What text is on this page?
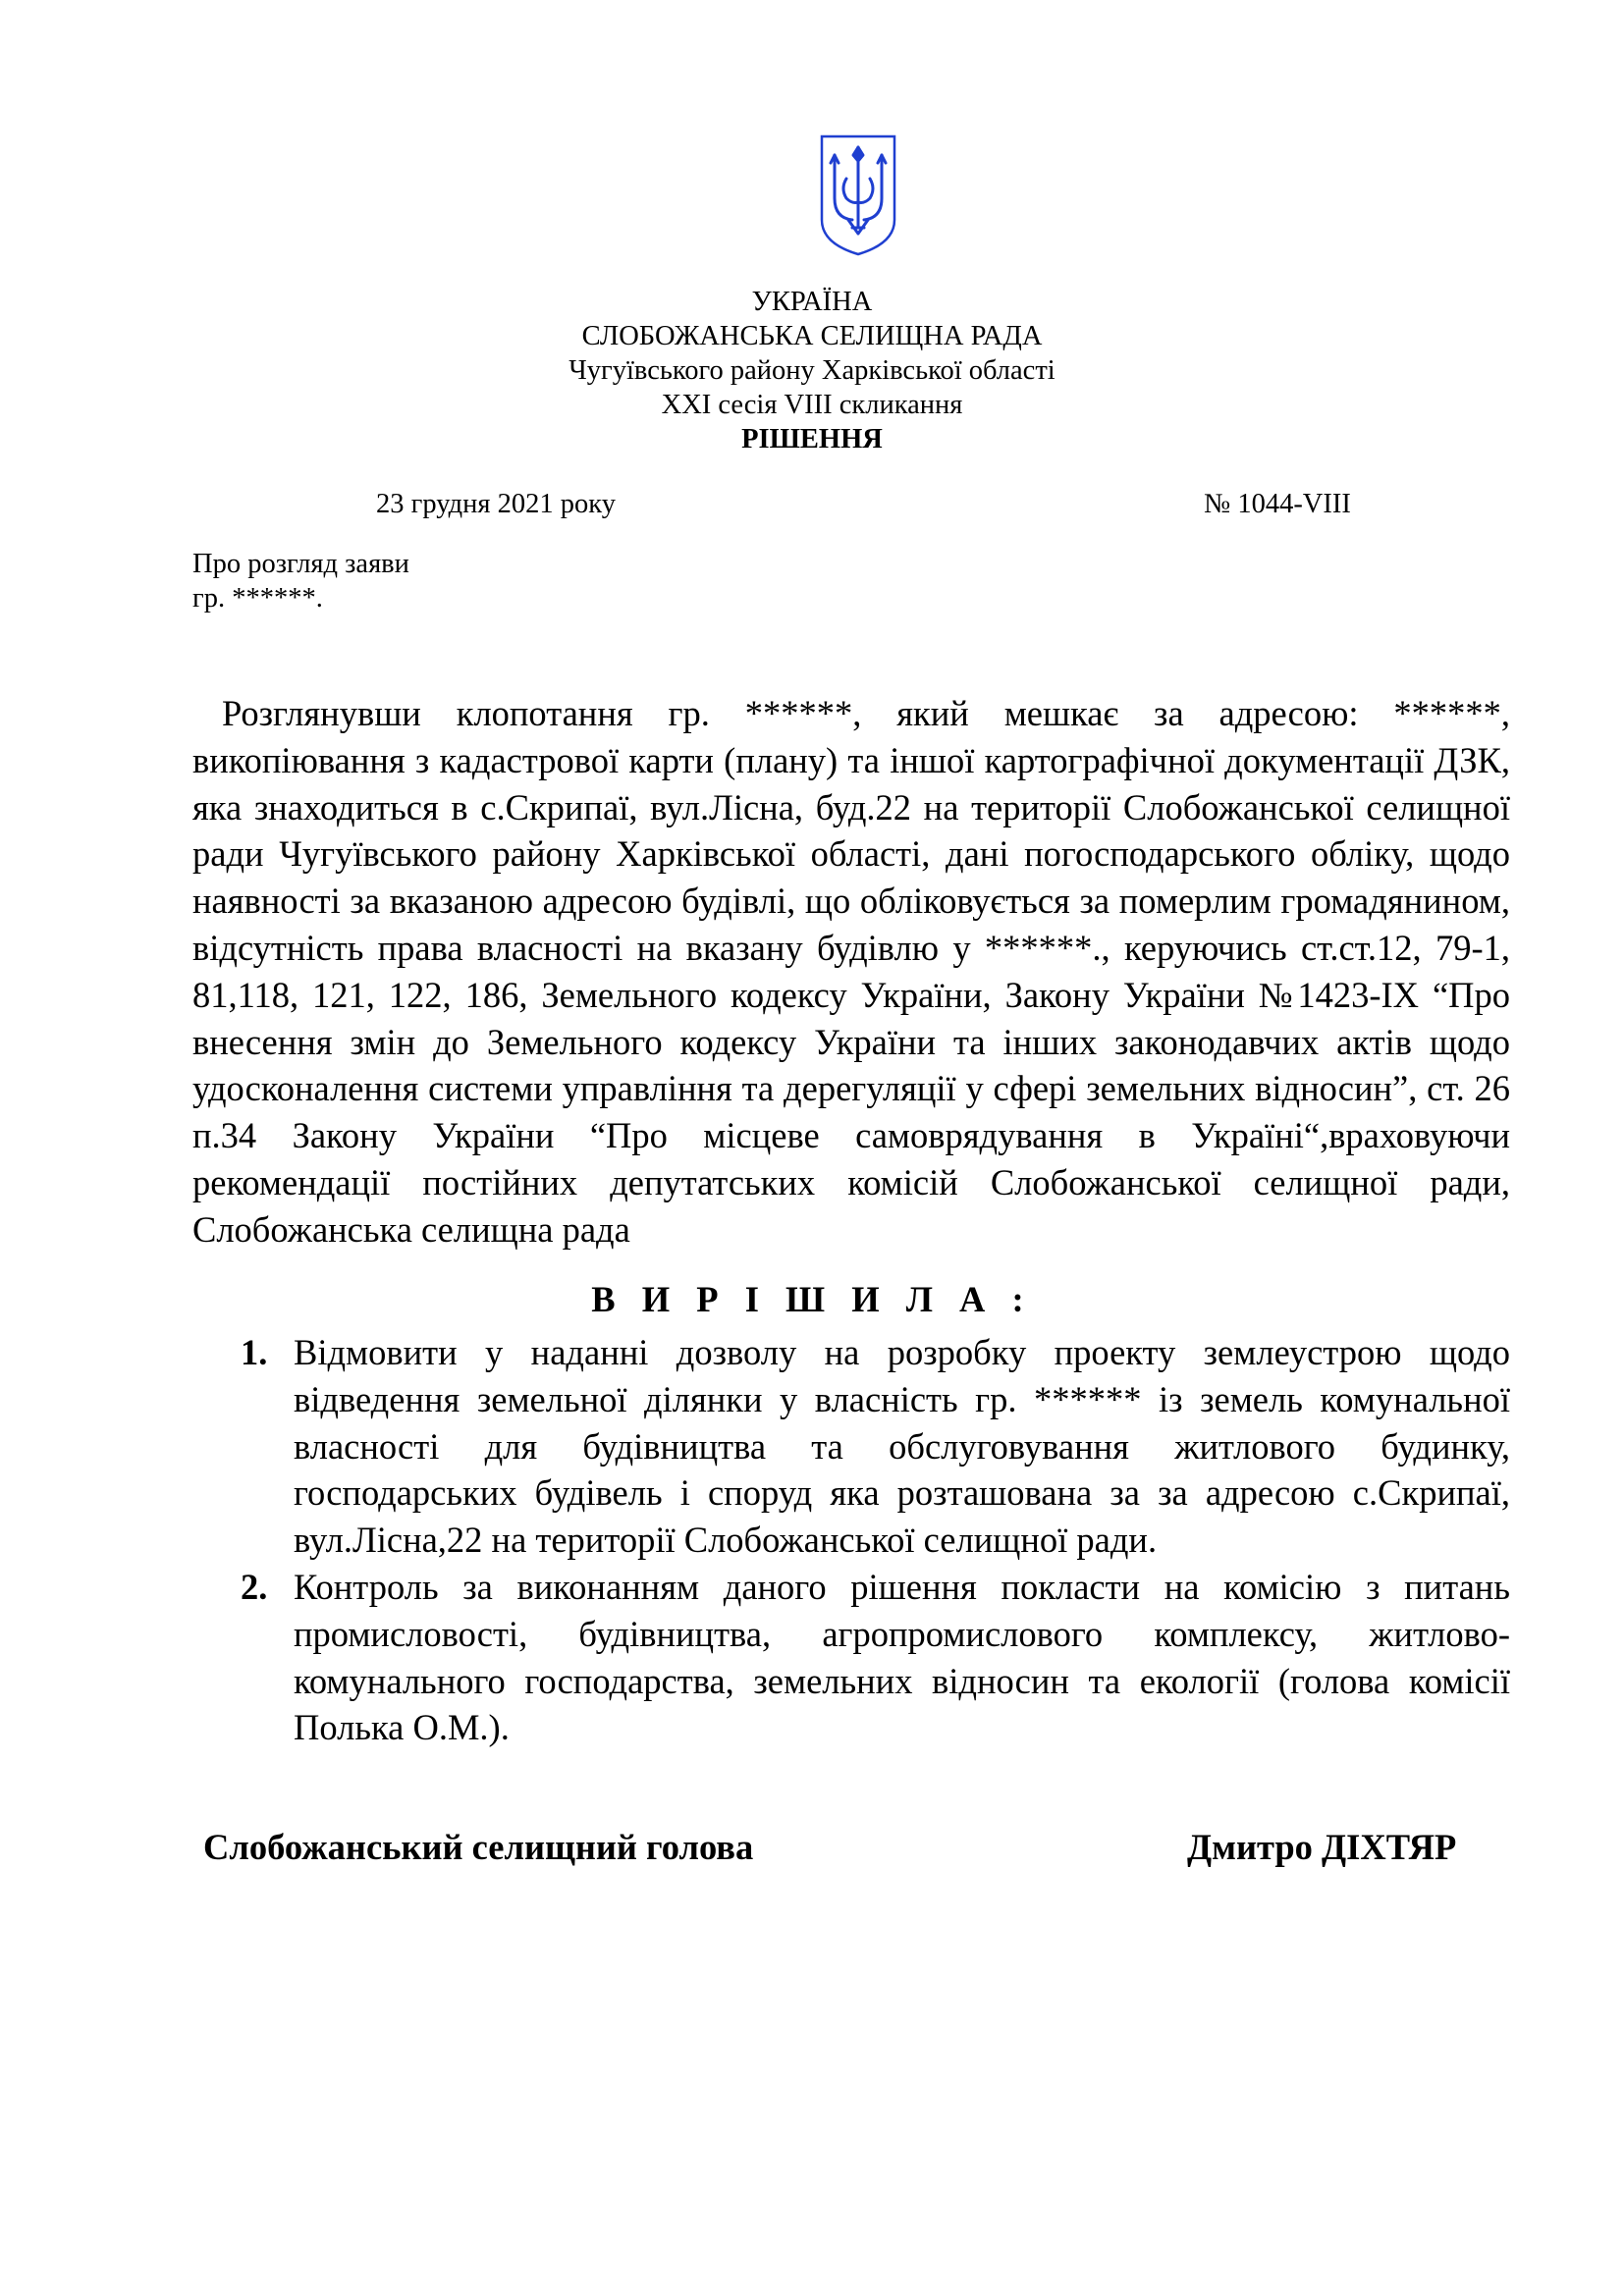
УКРАЇНА
СЛОБОЖАНСЬКА СЕЛИЩНА РАДА
Чугуївського району Харківської області
XXI сесія VIII скликання
РІШЕННЯ
23 грудня 2021 року	№ 1044-VIII
Про розгляд заяви
гр. ******.

Розглянувши клопотання гр. ******, який мешкає за адресою: ******, викопіювання з кадастрової карти (плану) та іншої картографічної документації ДЗК, яка знаходиться в с.Скрипаї, вул.Лісна, буд.22 на території Слобожанської селищної ради Чугуївського району Харківської області, дані погосподарського обліку, щодо наявності за вказаною адресою будівлі, що обліковується за померлим громадянином, відсутність права власності на вказану будівлю у ******., керуючись ст.ст.12, 79-1, 81,118, 121, 122, 186, Земельного кодексу України, Закону України №1423-ІХ “Про внесення змін до Земельного кодексу України та інших законодавчих актів щодо удосконалення системи управління та дерегуляції у сфері земельних відносин”, ст. 26 п.34 Закону України “Про місцеве самоврядування в Україні“,враховуючи рекомендації постійних депутатських комісій Слобожанської селищної ради, Слобожанська селищна рада

В И Р І Ш И Л А :
1. Відмовити у наданні дозволу на розробку проекту землеустрою щодо відведення земельної ділянки у власність гр. ****** із земель комунальної власності для будівництва та обслуговування житлового будинку, господарських будівель і споруд яка розташована за за адресою с.Скрипаї, вул.Лісна,22 на території Слобожанської селищної ради.
2. Контроль за виконанням даного рішення покласти на комісію з питань промисловості, будівництва, агропромислового комплексу, житлово-комунального господарства, земельних відносин та екології (голова комісії Полька О.М.).
Слобожанський селищний голова	Дмитро ДІХТЯР
